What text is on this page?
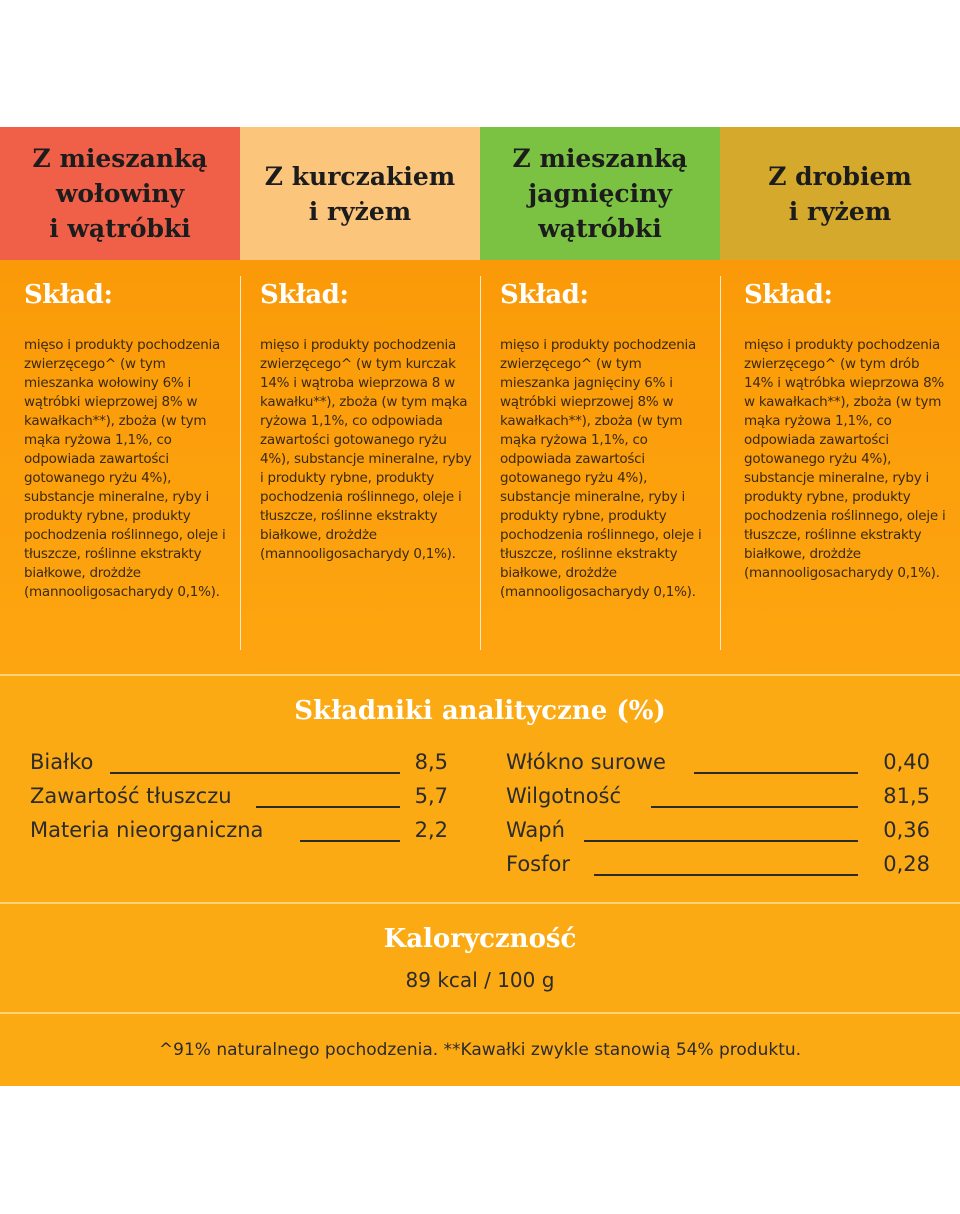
Z mieszanką
wołowiny
i wątróbki
Z kurczakiem
i ryżem
Z mieszanką
jagnięciny
wątróbki
Z drobiem
i ryżem
Skład:
mięso i produkty pochodzenia zwierzęcego^ (w tym mieszanka wołowiny 6% i wątróbki wieprzowej 8% w kawałkach**), zboża (w tym mąka ryżowa 1,1%, co odpowiada zawartości gotowanego ryżu 4%), substancje mineralne, ryby i produkty rybne, produkty pochodzenia roślinnego, oleje i tłuszcze, roślinne ekstrakty białkowe, drożdże (mannooligosacharydy 0,1%).
Skład:
mięso i produkty pochodzenia zwierzęcego^ (w tym kurczak 14% i wątroba wieprzowa 8 w kawałku**), zboża (w tym mąka ryżowa 1,1%, co odpowiada zawartości gotowanego ryżu 4%), substancje mineralne, ryby i produkty rybne, produkty pochodzenia roślinnego, oleje i tłuszcze, roślinne ekstrakty białkowe, drożdże (mannooligosacharydy 0,1%).
Skład:
mięso i produkty pochodzenia zwierzęcego^ (w tym mieszanka jagnięciny 6% i wątróbki wieprzowej 8% w kawałkach**), zboża (w tym mąka ryżowa 1,1%, co odpowiada zawartości gotowanego ryżu 4%), substancje mineralne, ryby i produkty rybne, produkty pochodzenia roślinnego, oleje i tłuszcze, roślinne ekstrakty białkowe, drożdże (mannooligosacharydy 0,1%).
Skład:
mięso i produkty pochodzenia zwierzęcego^ (w tym drób 14% i wątróbka wieprzowa 8% w kawałkach**), zboża (w tym mąka ryżowa 1,1%, co odpowiada zawartości gotowanego ryżu 4%), substancje mineralne, ryby i produkty rybne, produkty pochodzenia roślinnego, oleje i tłuszcze, roślinne ekstrakty białkowe, drożdże (mannooligosacharydy 0,1%).
Składniki analityczne (%)
Białko	8,5
Zawartość tłuszczu	5,7
Materia nieorganiczna	2,2
Włókno surowe	0,40
Wilgotność	81,5
Wapń	0,36
Fosfor	0,28
Kaloryczność
89 kcal / 100 g
^91% naturalnego pochodzenia. **Kawałki zwykle stanowią 54% produktu.
